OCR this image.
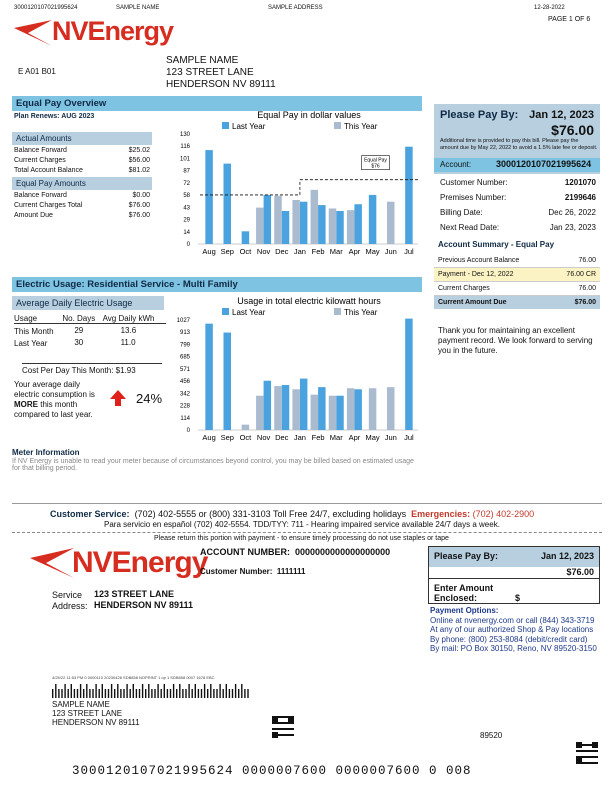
3000120107021995624	SAMPLE NAME	SAMPLE ADDRESS	12-28-2022
PAGE 1 OF 6
NVEnergy
E A01 B01
SAMPLE NAME
123 STREET LANE
HENDERSON NV 89111
Equal Pay Overview
Plan Renews: AUG 2023
Actual Amounts
Balance Forward	$25.02
Current Charges	$56.00
Total Account Balance	$81.02
Equal Pay Amounts
Balance Forward	$0.00
Current Charges Total	$76.00
Amount Due	$76.00
Equal Pay in dollar values
Last Year	This Year
0
14
29
43
58
72
87
101
116
130
Aug Sep Oct Nov Dec Jan Feb Mar Apr May Jun Jul
Equal Pay
$76
Electric Usage: Residential Service - Multi Family
Average Daily Electric Usage
Usage	No. Days	Avg Daily kWh
This Month	29	13.6
Last Year	30	11.0
Cost Per Day This Month: $1.93
Your average daily electric consumption is MORE this month compared to last year.
24%
Usage in total electric kilowatt hours
Last Year	This Year
0
114
228
342
456
571
685
799
913
1027
Aug Sep Oct Nov Dec Jan Feb Mar Apr May Jun Jul
Meter Information
If NV Energy is unable to read your meter because of circumstances beyond control, you may be billed based on estimated usage for that billing period.
Please Pay By: Jan 12, 2023
$76.00
Additional time is provided to pay this bill. Please pay the amount due by May 22, 2022 to avoid a 1.5% late fee or deposit.
Account:	3000120107021995624
Customer Number:	1201070
Premises Number:	2199646
Billing Date:	Dec 26, 2022
Next Read Date:	Jan 23, 2023
Account Summary - Equal Pay
Previous Account Balance	76.00
Payment - Dec 12, 2022	76.00 CR
Current Charges	76.00
Current Amount Due	$76.00
Thank you for maintaining an excellent payment record. We look forward to serving you in the future.
Customer Service: (702) 402-5555 or (800) 331-3103 Toll Free 24/7, excluding holidays Emergencies: (702) 402-2900
Para servicio en español (702) 402-5554. TDD/TYY: 711 - Hearing impaired service available 24/7 days a week.
Please return this portion with payment - to ensure timely processing do not use staples or tape
NVEnergy
ACCOUNT NUMBER: 0000000000000000000
Customer Number: 1111111
Service
Address:
123 STREET LANE
HENDERSON NV 89111
Please Pay By:	Jan 12, 2023
$76.00
Enter Amount
Enclosed:	$
Payment Options:
Online at nvenergy.com or call (844) 343-3719
At any of our authorized Shop & Pay locations
By phone: (800) 253-8084 (debit/credit card)
By mail: PO Box 30150, Reno, NV 89520-3150
4/25/22 11:53 PM 0 0000110 20230428 SDB858 NOPRINT 1 op 1 SDB858 0007 1678 EBC
SAMPLE NAME
123 STREET LANE
HENDERSON NV 89111
89520
3000120107021995624 0000007600 0000007600 0 008
